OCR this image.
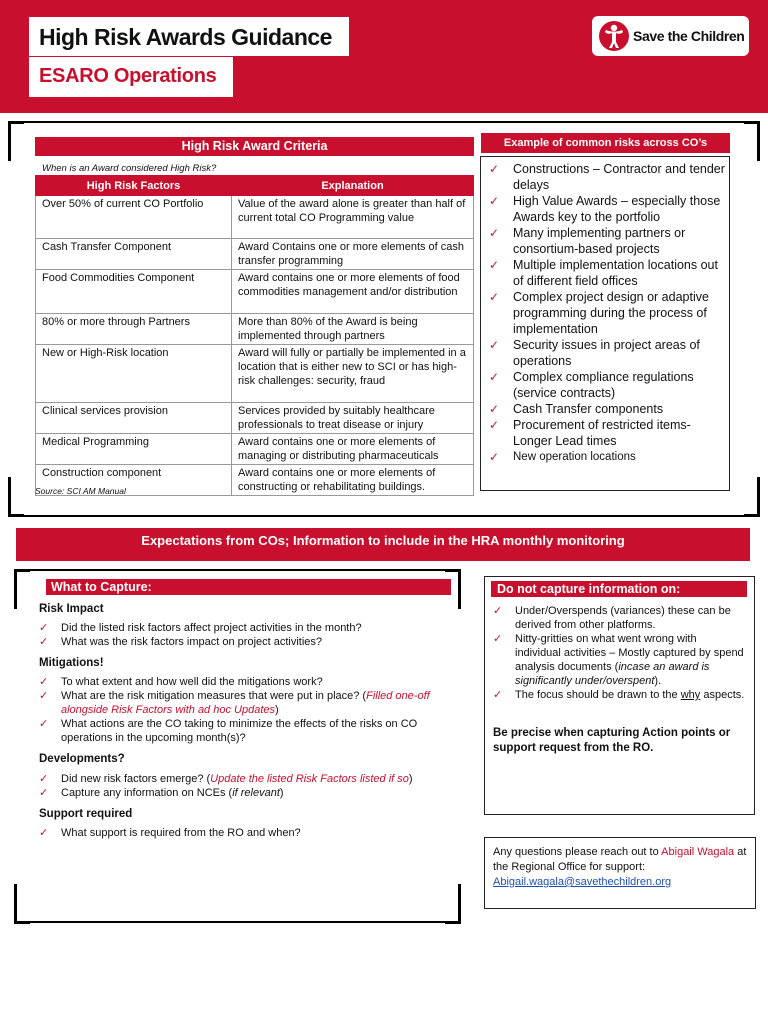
High Risk Awards Guidance
ESARO Operations
Save the Children
High Risk Award Criteria
When is an Award considered High Risk?
High Risk Factors	Explanation
Over 50% of current CO Portfolio	Value of the award alone is greater than half of current total CO Programming value
Cash Transfer Component	Award Contains one or more elements of cash transfer programming
Food Commodities Component	Award contains one or more elements of food commodities management and/or distribution
80% or more through Partners	More than 80% of the Award is being implemented through partners
New or High-Risk location	Award will fully or partially be implemented in a location that is either new to SCI or has high-risk challenges: security, fraud
Clinical services provision	Services provided by suitably healthcare professionals to treat disease or injury
Medical Programming	Award contains one or more elements of managing or distributing pharmaceuticals
Construction component	Award contains one or more elements of constructing or rehabilitating buildings.
Source: SCI AM Manual
Example of common risks across CO’s
✓ Constructions – Contractor and tender delays
✓ High Value Awards – especially those Awards key to the portfolio
✓ Many implementing partners or consortium-based projects
✓ Multiple implementation locations out of different field offices
✓ Complex project design or adaptive programming during the process of implementation
✓ Security issues in project areas of operations
✓ Complex compliance regulations (service contracts)
✓ Cash Transfer components
✓ Procurement of restricted items-Longer Lead times
✓ New operation locations
Expectations from COs; Information to include in the HRA monthly monitoring
What to Capture:
Risk Impact
✓ Did the listed risk factors affect project activities in the month?
✓ What was the risk factors impact on project activities?
Mitigations!
✓ To what extent and how well did the mitigations work?
✓ What are the risk mitigation measures that were put in place? (Filled one-off alongside Risk Factors with ad hoc Updates)
✓ What actions are the CO taking to minimize the effects of the risks on CO operations in the upcoming month(s)?
Developments?
✓ Did new risk factors emerge? (Update the listed Risk Factors listed if so)
✓ Capture any information on NCEs (if relevant)
Support required
✓ What support is required from the RO and when?
Do not capture information on:
✓ Under/Overspends (variances) these can be derived from other platforms.
✓ Nitty-gritties on what went wrong with individual activities – Mostly captured by spend analysis documents (incase an award is significantly under/overspent).
✓ The focus should be drawn to the why aspects.
Be precise when capturing Action points or support request from the RO.
Any questions please reach out to Abigail Wagala at the Regional Office for support:
Abigail.wagala@savethechildren.org
